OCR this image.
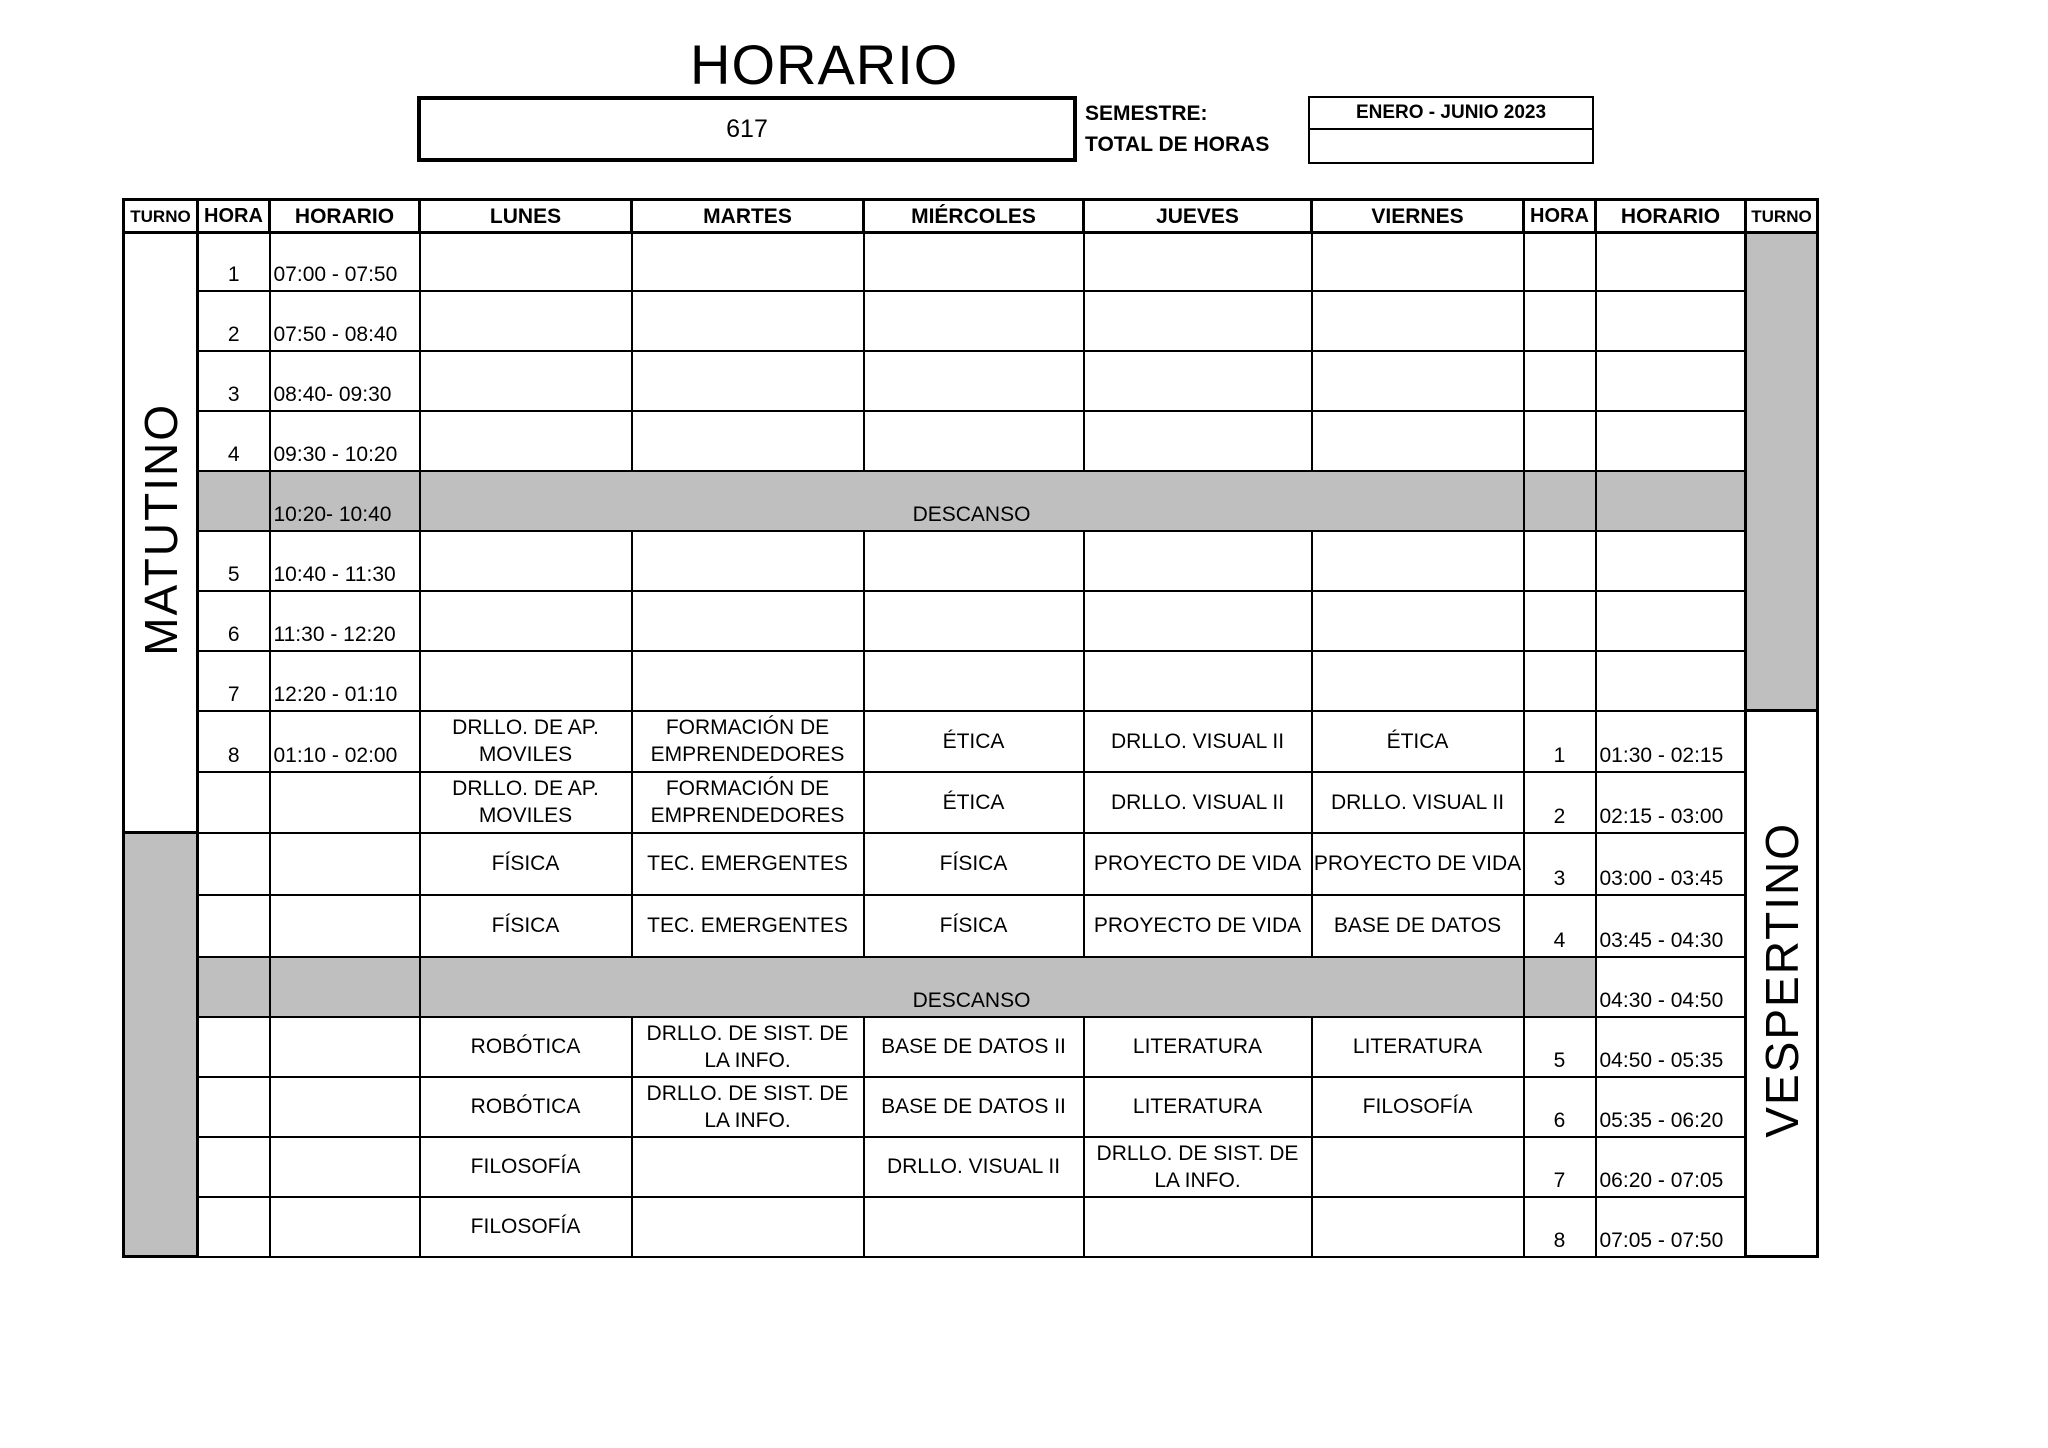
HORARIO
617
SEMESTRE:
TOTAL DE HORAS
ENERO - JUNIO 2023
TURNO	HORA	HORARIO	LUNES	MARTES	MIÉRCOLES	JUEVES	VIERNES	HORA	HORARIO	TURNO
MATUTINO	1	07:00 - 07:50								
	2	07:50 - 08:40								
	3	08:40- 09:30								
	4	09:30 - 10:20								
		10:20- 10:40	DESCANSO							
	5	10:40 - 11:30								
	6	11:30 - 12:20								
	7	12:20 - 01:10								
	8	01:10 - 02:00	DRLLO. DE AP. MOVILES	FORMACIÓN DE EMPRENDEDORES	ÉTICA	DRLLO. VISUAL II	ÉTICA	1	01:30 - 02:15	VESPERTINO
			DRLLO. DE AP. MOVILES	FORMACIÓN DE EMPRENDEDORES	ÉTICA	DRLLO. VISUAL II	DRLLO. VISUAL II	2	02:15 - 03:00	
			FÍSICA	TEC. EMERGENTES	FÍSICA	PROYECTO DE VIDA	PROYECTO DE VIDA	3	03:00 - 03:45	
			FÍSICA	TEC. EMERGENTES	FÍSICA	PROYECTO DE VIDA	BASE DE DATOS	4	03:45 - 04:30	
			DESCANSO						04:30 - 04:50	
			ROBÓTICA	DRLLO. DE SIST. DE LA INFO.	BASE DE DATOS II	LITERATURA	LITERATURA	5	04:50 - 05:35	
			ROBÓTICA	DRLLO. DE SIST. DE LA INFO.	BASE DE DATOS II	LITERATURA	FILOSOFÍA	6	05:35 - 06:20	
			FILOSOFÍA		DRLLO. VISUAL II	DRLLO. DE SIST. DE LA INFO.		7	06:20 - 07:05	
			FILOSOFÍA					8	07:05 - 07:50	
